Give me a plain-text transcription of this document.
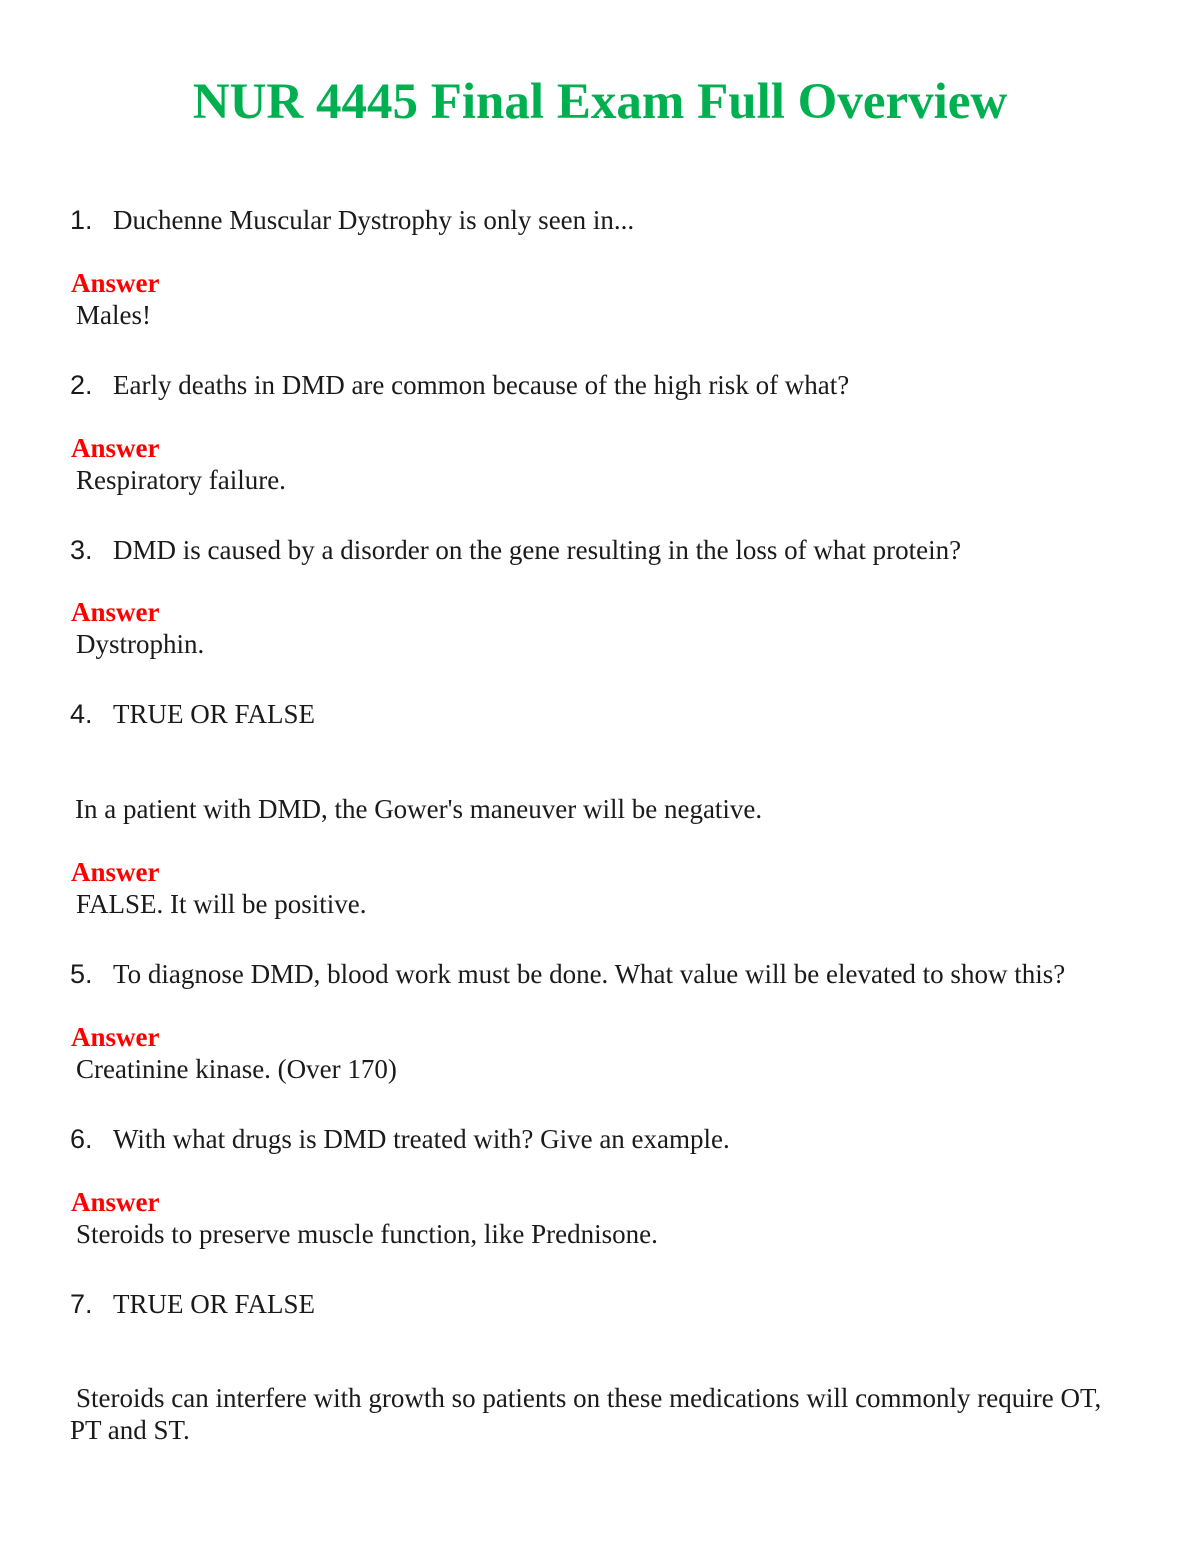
NUR 4445 Final Exam Full Overview

1 . Duchenne Muscular Dystrophy is only seen in...

Answer

Males!

2 . Early deaths in DMD are common because of the high risk of what?

Answer

Respiratory failure.

3 . DMD is caused by a disorder on the gene resulting in the loss of what protein?

Answer

Dystrophin.

4 . TRUE OR FALSE

In a patient with DMD, the Gower's maneuver will be negative.

Answer

FALSE. It will be positive.

5 . To diagnose DMD, blood work must be done. What value will be elevated to show this?

Answer

Creatinine kinase. (Over 170)

6 . With what drugs is DMD treated with? Give an example.

Answer

Steroids to preserve muscle function, like Prednisone.

7 . TRUE OR FALSE

Steroids can interfere with growth so patients on these medications will commonly require OT, PT and ST.
